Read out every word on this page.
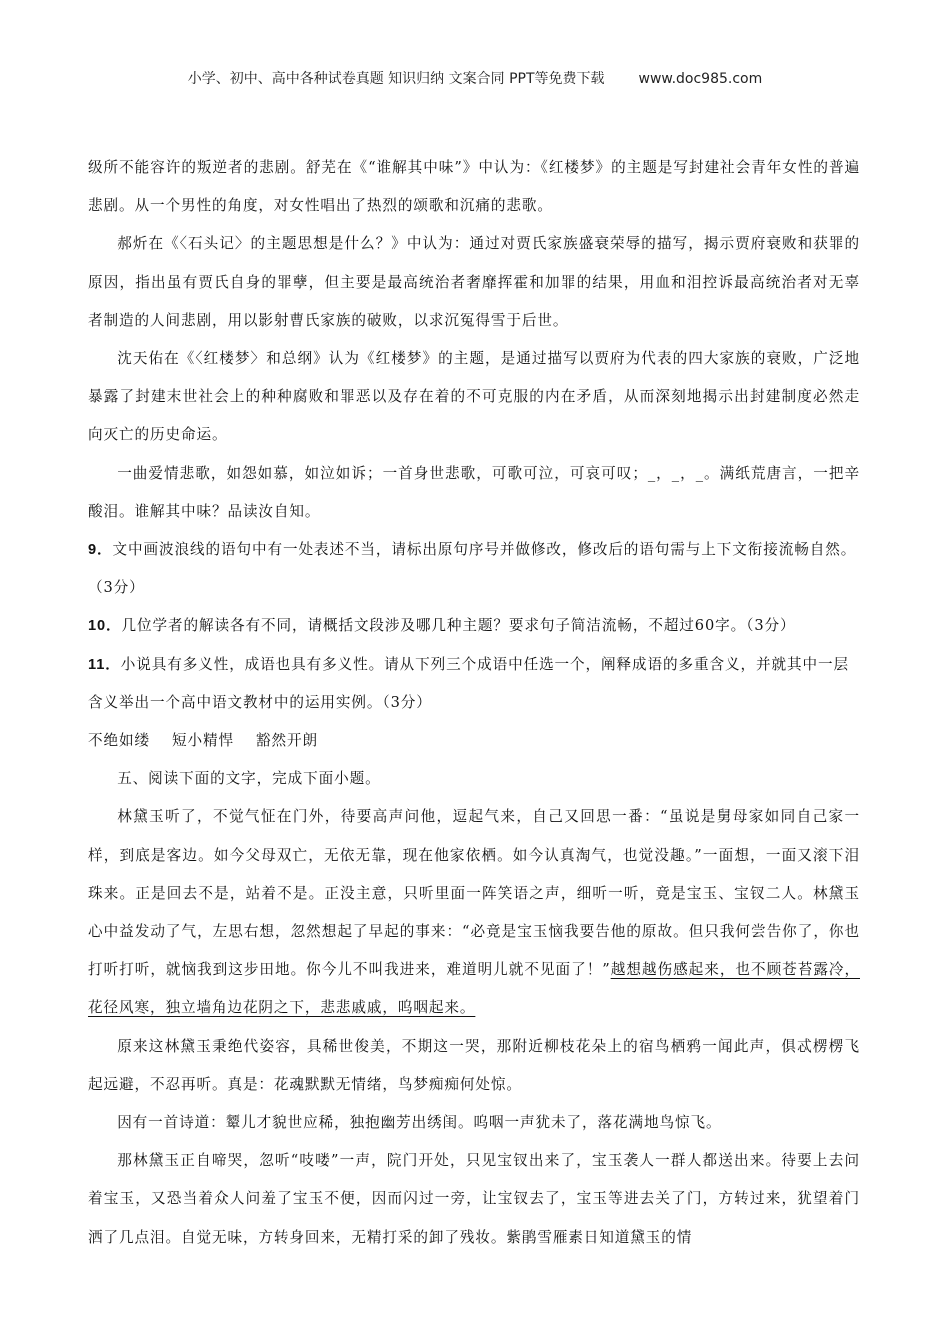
小学、初中、高中各种试卷真题 知识归纳 文案合同 PPT等免费下载 www.doc985.com

级所不能容许的叛逆者的悲剧。舒芜在《“谁解其中味”》中认为：《红楼梦》的主题是写封建社会青年女性的普遍悲剧。从一个男性的角度，对女性唱出了热烈的颂歌和沉痛的悲歌。

郝炘在《〈石头记〉的主题思想是什么？》中认为：通过对贾氏家族盛衰荣辱的描写，揭示贾府衰败和获罪的原因，指出虽有贾氏自身的罪孽，但主要是最高统治者奢靡挥霍和加罪的结果，用血和泪控诉最高统治者对无辜者制造的人间悲剧，用以影射曹氏家族的破败，以求沉冤得雪于后世。

沈天佑在《〈红楼梦〉和总纲》认为《红楼梦》的主题，是通过描写以贾府为代表的四大家族的衰败，广泛地暴露了封建末世社会上的种种腐败和罪恶以及存在着的不可克服的内在矛盾，从而深刻地揭示出封建制度必然走向灭亡的历史命运。

一曲爱情悲歌，如怨如慕，如泣如诉；一首身世悲歌，可歌可泣，可哀可叹；_，_，_。满纸荒唐言，一把辛酸泪。谁解其中味？品读汝自知。

9．文中画波浪线的语句中有一处表述不当，请标出原句序号并做修改，修改后的语句需与上下文衔接流畅自然。（3分）

10．几位学者的解读各有不同，请概括文段涉及哪几种主题？要求句子简洁流畅，不超过60字。（3分）

11．小说具有多义性，成语也具有多义性。请从下列三个成语中任选一个，阐释成语的多重含义，并就其中一层含义举出一个高中语文教材中的运用实例。（3分）

不绝如缕 短小精悍 豁然开朗

五、阅读下面的文字，完成下面小题。

林黛玉听了，不觉气怔在门外，待要高声问他，逗起气来，自己又回思一番：“虽说是舅母家如同自己家一样，到底是客边。如今父母双亡，无依无靠，现在他家依栖。如今认真淘气，也觉没趣。”一面想，一面又滚下泪珠来。正是回去不是，站着不是。正没主意，只听里面一阵笑语之声，细听一听，竟是宝玉、宝钗二人。林黛玉心中益发动了气，左思右想，忽然想起了早起的事来：“必竟是宝玉恼我要告他的原故。但只我何尝告你了，你也打听打听，就恼我到这步田地。你今儿不叫我进来，难道明儿就不见面了！”越想越伤感起来，也不顾苍苔露冷，花径风寒，独立墙角边花阴之下，悲悲戚戚，呜咽起来。

原来这林黛玉秉绝代姿容，具稀世俊美，不期这一哭，那附近柳枝花朵上的宿鸟栖鸦一闻此声，俱忒楞楞飞起远避，不忍再听。真是：花魂默默无情绪，鸟梦痴痴何处惊。

因有一首诗道：颦儿才貌世应稀，独抱幽芳出绣闺。呜咽一声犹未了，落花满地鸟惊飞。

那林黛玉正自啼哭，忽听“吱喽”一声，院门开处，只见宝钗出来了，宝玉袭人一群人都送出来。待要上去问着宝玉，又恐当着众人问羞了宝玉不便，因而闪过一旁，让宝钗去了，宝玉等进去关了门，方转过来，犹望着门洒了几点泪。自觉无味，方转身回来，无精打采的卸了残妆。紫鹃雪雁素日知道黛玉的情
